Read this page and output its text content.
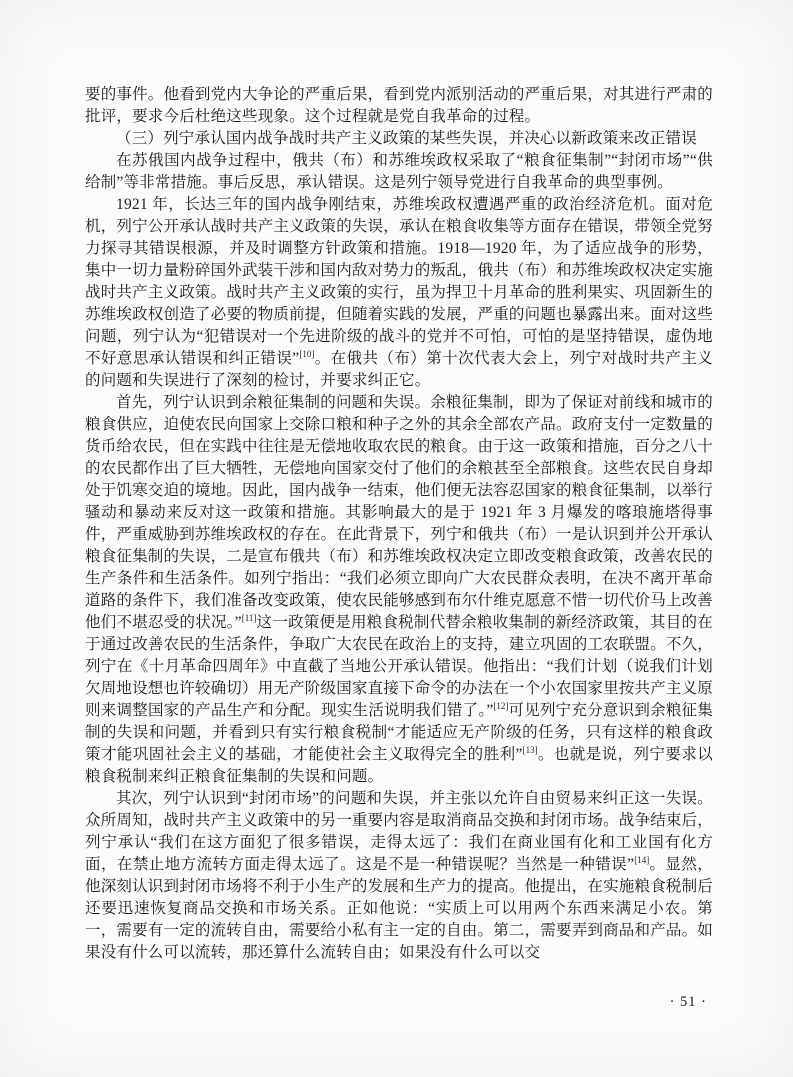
要的事件。他看到党内大争论的严重后果，看到党内派别活动的严重后果，对其进行严肃的批评，要求今后杜绝这些现象。这个过程就是党自我革命的过程。

（三）列宁承认国内战争战时共产主义政策的某些失误，并决心以新政策来改正错误

在苏俄国内战争过程中，俄共（布）和苏维埃政权采取了“粮食征集制”“封闭市场”“供给制”等非常措施。事后反思，承认错误。这是列宁领导党进行自我革命的典型事例。

1921 年，长达三年的国内战争刚结束，苏维埃政权遭遇严重的政治经济危机。面对危机，列宁公开承认战时共产主义政策的失误，承认在粮食收集等方面存在错误，带领全党努力探寻其错误根源，并及时调整方针政策和措施。1918—1920 年，为了适应战争的形势，集中一切力量粉碎国外武装干涉和国内敌对势力的叛乱，俄共（布）和苏维埃政权决定实施战时共产主义政策。战时共产主义政策的实行，虽为捍卫十月革命的胜利果实、巩固新生的苏维埃政权创造了必要的物质前提，但随着实践的发展，严重的问题也暴露出来。面对这些问题，列宁认为“犯错误对一个先进阶级的战斗的党并不可怕，可怕的是坚持错误，虚伪地不好意思承认错误和纠正错误”[10]。在俄共（布）第十次代表大会上，列宁对战时共产主义的问题和失误进行了深刻的检讨，并要求纠正它。

首先，列宁认识到余粮征集制的问题和失误。余粮征集制，即为了保证对前线和城市的粮食供应，迫使农民向国家上交除口粮和种子之外的其余全部农产品。政府支付一定数量的货币给农民，但在实践中往往是无偿地收取农民的粮食。由于这一政策和措施，百分之八十的农民都作出了巨大牺牲，无偿地向国家交付了他们的余粮甚至全部粮食。这些农民自身却处于饥寒交迫的境地。因此，国内战争一结束，他们便无法容忍国家的粮食征集制，以举行骚动和暴动来反对这一政策和措施。其影响最大的是于 1921 年 3 月爆发的喀琅施塔得事件，严重威胁到苏维埃政权的存在。在此背景下，列宁和俄共（布）一是认识到并公开承认粮食征集制的失误，二是宣布俄共（布）和苏维埃政权决定立即改变粮食政策，改善农民的生产条件和生活条件。如列宁指出：“我们必须立即向广大农民群众表明，在决不离开革命道路的条件下，我们准备改变政策，使农民能够感到布尔什维克愿意不惜一切代价马上改善他们不堪忍受的状况。”[11]这一政策便是用粮食税制代替余粮收集制的新经济政策，其目的在于通过改善农民的生活条件，争取广大农民在政治上的支持，建立巩固的工农联盟。不久，列宁在《十月革命四周年》中直截了当地公开承认错误。他指出：“我们计划（说我们计划欠周地设想也许较确切）用无产阶级国家直接下命令的办法在一个小农国家里按共产主义原则来调整国家的产品生产和分配。现实生活说明我们错了。”[12]可见列宁充分意识到余粮征集制的失误和问题，并看到只有实行粮食税制“才能适应无产阶级的任务，只有这样的粮食政策才能巩固社会主义的基础，才能使社会主义取得完全的胜利”[13]。也就是说，列宁要求以粮食税制来纠正粮食征集制的失误和问题。

其次，列宁认识到“封闭市场”的问题和失误，并主张以允许自由贸易来纠正这一失误。众所周知，战时共产主义政策中的另一重要内容是取消商品交换和封闭市场。战争结束后，列宁承认“我们在这方面犯了很多错误，走得太远了：我们在商业国有化和工业国有化方面，在禁止地方流转方面走得太远了。这是不是一种错误呢？当然是一种错误”[14]。显然，他深刻认识到封闭市场将不利于小生产的发展和生产力的提高。他提出，在实施粮食税制后还要迅速恢复商品交换和市场关系。正如他说：“实质上可以用两个东西来满足小农。第一，需要有一定的流转自由，需要给小私有主一定的自由。第二，需要弄到商品和产品。如果没有什么可以流转，那还算什么流转自由；如果没有什么可以交

· 51 ·
